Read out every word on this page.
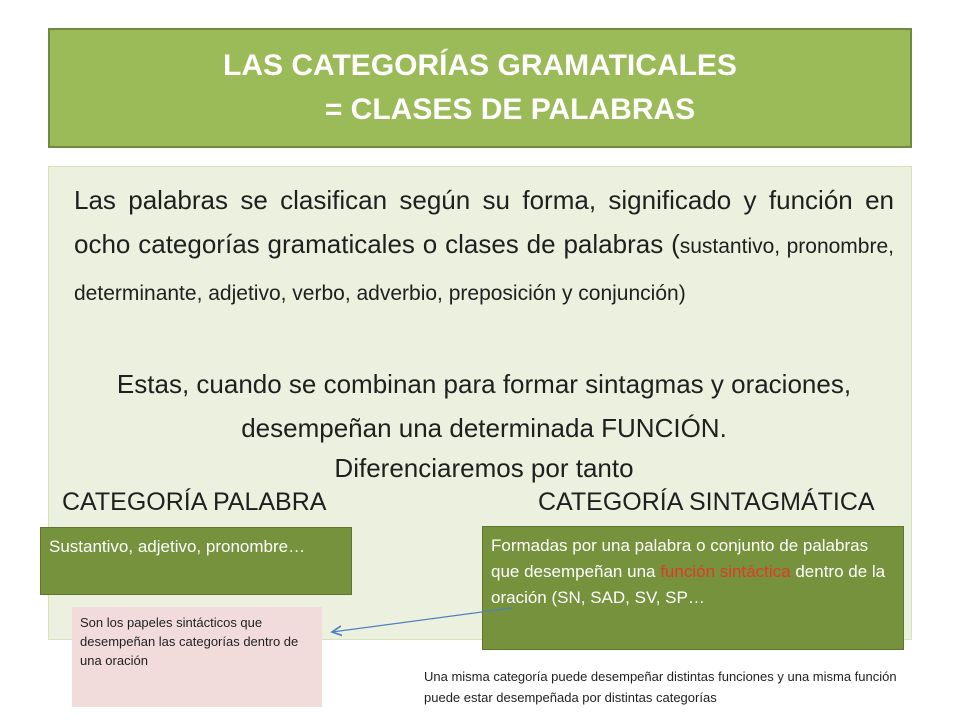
LAS CATEGORÍAS GRAMATICALES
= CLASES DE PALABRAS
Las palabras se clasifican según su forma, significado y función en ocho categorías gramaticales o clases de palabras (sustantivo, pronombre, determinante, adjetivo, verbo, adverbio, preposición y conjunción)
Estas, cuando se combinan para formar sintagmas y oraciones, desempeñan una determinada FUNCIÓN.
Diferenciaremos por tanto
CATEGORÍA PALABRA	CATEGORÍA SINTAGMÁTICA
Sustantivo, adjetivo, pronombre…	Formadas por una palabra o conjunto de palabras que desempeñan una función sintáctica dentro de la oración (SN, SAD, SV, SP…
Son los papeles sintácticos que desempeñan las categorías dentro de una oración
Una misma categoría puede desempeñar distintas funciones y una misma función puede estar desempeñada por distintas categorías
